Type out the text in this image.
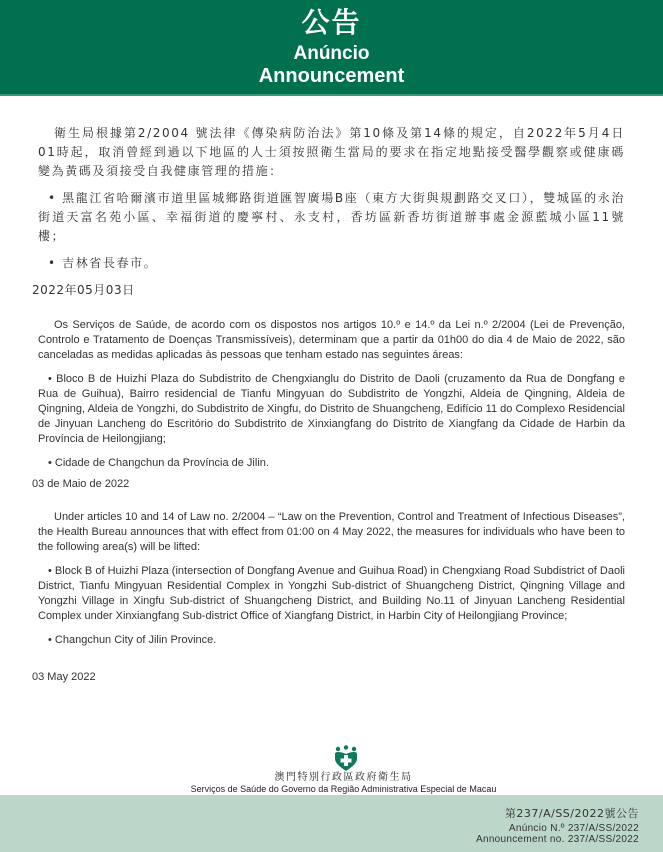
公告
Anúncio
Announcement

衛生局根據第2/2004 號法律《傳染病防治法》第10條及第14條的規定，自2022年5月4日01時起，取消曾經到過以下地區的人士須按照衛生當局的要求在指定地點接受醫學觀察或健康碼變為黃碼及須接受自我健康管理的措施：

• 黑龍江省哈爾濱市道里區城鄉路街道匯智廣場B座（東方大街與規劃路交叉口），雙城區的永治街道天富名苑小區、幸福街道的慶寧村、永支村，香坊區新香坊街道辦事處金源藍城小區11號樓；

• 吉林省長春市。

2022年05月03日

Os Serviços de Saúde, de acordo com os dispostos nos artigos 10.º e 14.º da Lei n.º 2/2004 (Lei de Prevenção, Controlo e Tratamento de Doenças Transmissíveis), determinam que a partir da 01h00 do dia 4 de Maio de 2022, são canceladas as medidas aplicadas às pessoas que tenham estado nas seguintes áreas:

• Bloco B de Huizhi Plaza do Subdistrito de Chengxianglu do Distrito de Daoli (cruzamento da Rua de Dongfang e Rua de Guihua), Bairro residencial de Tianfu Mingyuan do Subdistrito de Yongzhi, Aldeia de Qingning, Aldeia de Qingning, Aldeia de Yongzhi, do Subdistrito de Xingfu, do Distrito de Shuangcheng, Edifício 11 do Complexo Residencial de Jinyuan Lancheng do Escritório do Subdistrito de Xinxiangfang do Distrito de Xiangfang da Cidade de Harbin da Província de Heilongjiang;

• Cidade de Changchun da Província de Jilin.

03 de Maio de 2022

Under articles 10 and 14 of Law no. 2/2004 – “Law on the Prevention, Control and Treatment of Infectious Diseases”, the Health Bureau announces that with effect from 01:00 on 4 May 2022, the measures for individuals who have been to the following area(s) will be lifted:

• Block B of Huizhi Plaza (intersection of Dongfang Avenue and Guihua Road) in Chengxiang Road Subdistrict of Daoli District, Tianfu Mingyuan Residential Complex in Yongzhi Sub-district of Shuangcheng District, Qingning Village and Yongzhi Village in Xingfu Sub-district of Shuangcheng District, and Building No.11 of Jinyuan Lancheng Residential Complex under Xinxiangfang Sub-district Office of Xiangfang District, in Harbin City of Heilongjiang Province;

• Changchun City of Jilin Province.

03 May 2022

澳門特別行政區政府衛生局
Serviços de Saúde do Governo da Região Administrativa Especial de Macau
第237/A/SS/2022號公告
Anúncio N.º 237/A/SS/2022
Announcement no. 237/A/SS/2022
